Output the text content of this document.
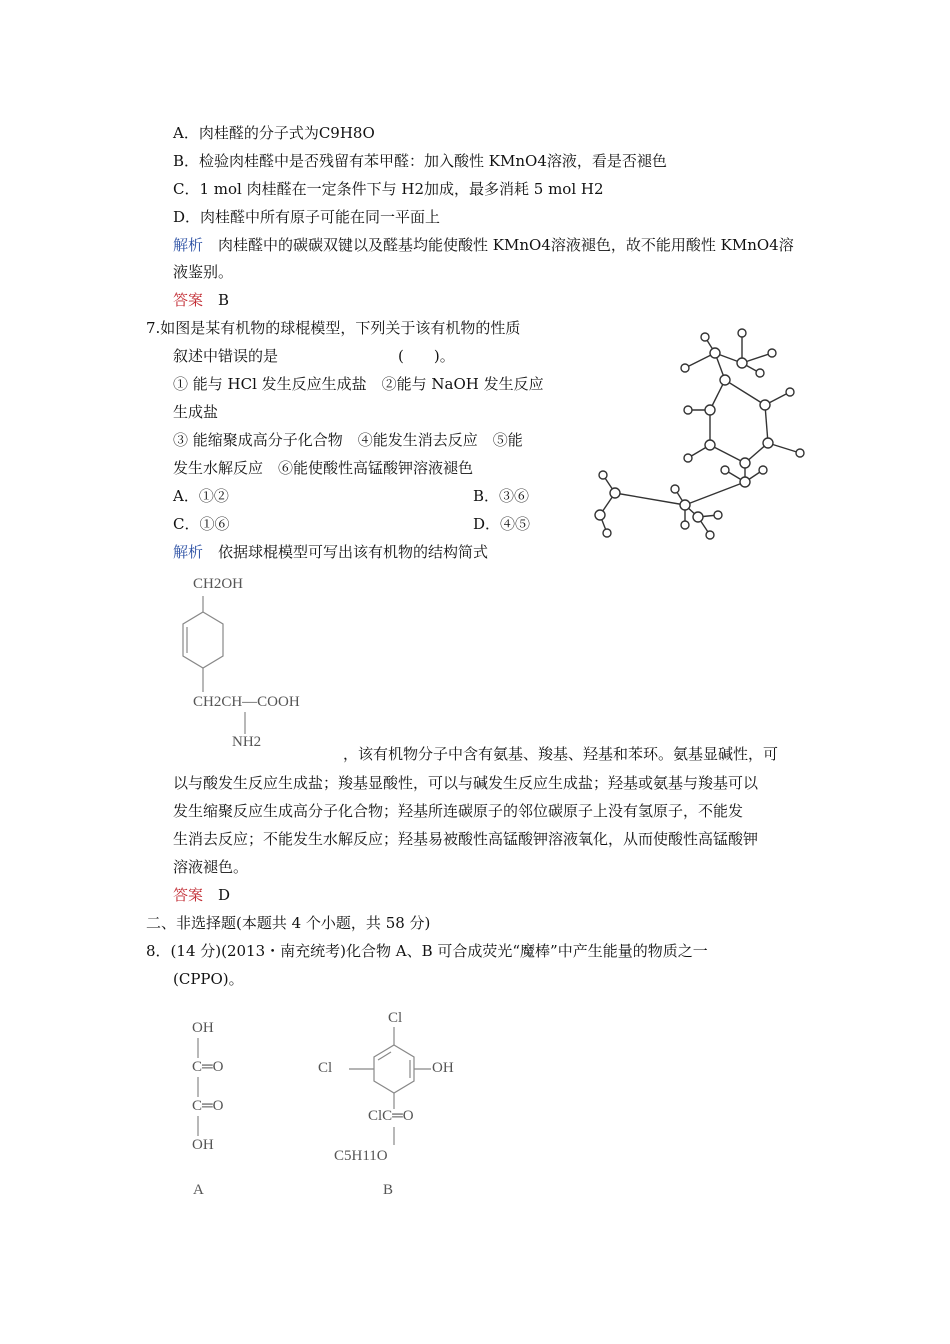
A．肉桂醛的分子式为C9H8O
B．检验肉桂醛中是否残留有苯甲醛：加入酸性 KMnO4溶液，看是否褪色
C．1 mol 肉桂醛在一定条件下与 H2加成，最多消耗 5 mol H2
D．肉桂醛中所有原子可能在同一平面上
解析　 肉桂醛中的碳碳双键以及醛基均能使酸性 KMnO4溶液褪色，故不能用酸性 KMnO4溶
液鉴别。
答案　 B
7.如图是某有机物的球棍模型，下列关于该有机物的性质
叙述中错误的是　　　　　　　　(　　)。
① 能与 HCl 发生反应生成盐　②能与 NaOH 发生反应
生成盐
③ 能缩聚成高分子化合物　④能发生消去反应　⑤能
发生水解反应　⑥能使酸性高锰酸钾溶液褪色
A．①②	B．③⑥
C．①⑥	D．④⑤
解析　 依据球棍模型可写出该有机物的结构简式
CH2OH
CH2CH—COOH
NH2
，该有机物分子中含有氨基、羧基、羟基和苯环。氨基显碱性，可
以与酸发生反应生成盐；羧基显酸性，可以与碱发生反应生成盐；羟基或氨基与羧基可以
发生缩聚反应生成高分子化合物；羟基所连碳原子的邻位碳原子上没有氢原子，不能发
生消去反应；不能发生水解反应；羟基易被酸性高锰酸钾溶液氧化，从而使酸性高锰酸钾
溶液褪色。
答案　 D
二、非选择题(本题共 4 个小题，共 58 分)
8．(14 分)(2013・南充统考)化合物 A、B 可合成荧光“魔棒”中产生能量的物质之一
(CPPO)。
OH
C═O
C═O
OH
A
Cl
Cl	OH
ClC═O
C5H11O
B
